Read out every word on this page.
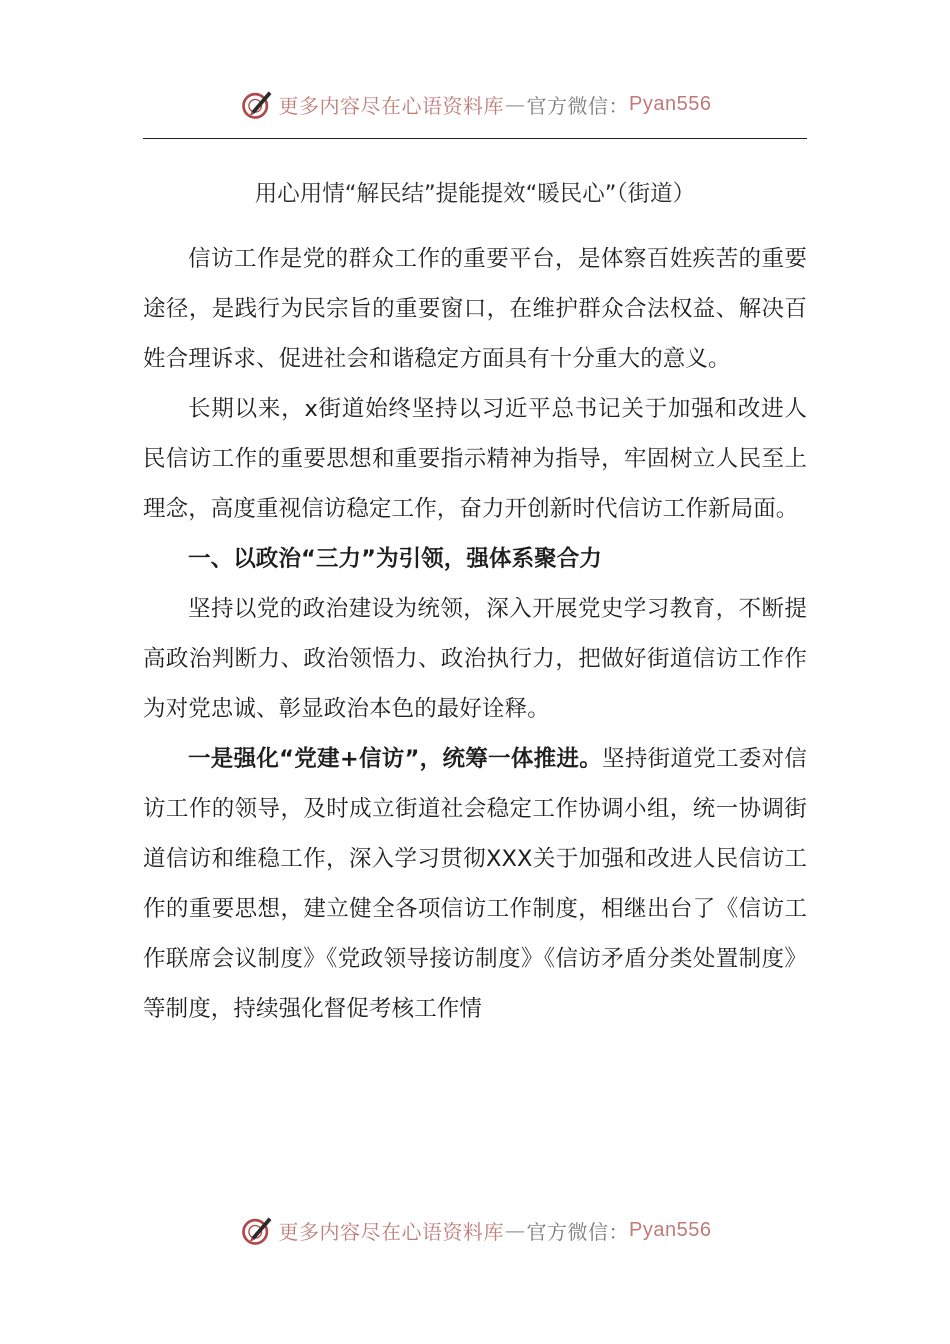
更多内容尽在心语资料库 — 官方微信： Pyan556
用心用情“解民结”提能提效“暖民心”（街道）

信访工作是党的群众工作的重要平台，是体察百姓疾苦的重要途径，是践行为民宗旨的重要窗口，在维护群众合法权益、解决百姓合理诉求、促进社会和谐稳定方面具有十分重大的意义。

长期以来，x街道始终坚持以习近平总书记关于加强和改进人民信访工作的重要思想和重要指示精神为指导，牢固树立人民至上理念，高度重视信访稳定工作，奋力开创新时代信访工作新局面。

一、以政治“三力”为引领，强体系聚合力

坚持以党的政治建设为统领，深入开展党史学习教育，不断提高政治判断力、政治领悟力、政治执行力，把做好街道信访工作作为对党忠诚、彰显政治本色的最好诠释。

一是强化“党建+信访”，统筹一体推进。坚持街道党工委对信访工作的领导，及时成立街道社会稳定工作协调小组，统一协调街道信访和维稳工作，深入学习贯彻XXX关于加强和改进人民信访工作的重要思想，建立健全各项信访工作制度，相继出台了《信访工作联席会议制度》《党政领导接访制度》《信访矛盾分类处置制度》等制度，持续强化督促考核工作情

更多内容尽在心语资料库 — 官方微信： Pyan556
